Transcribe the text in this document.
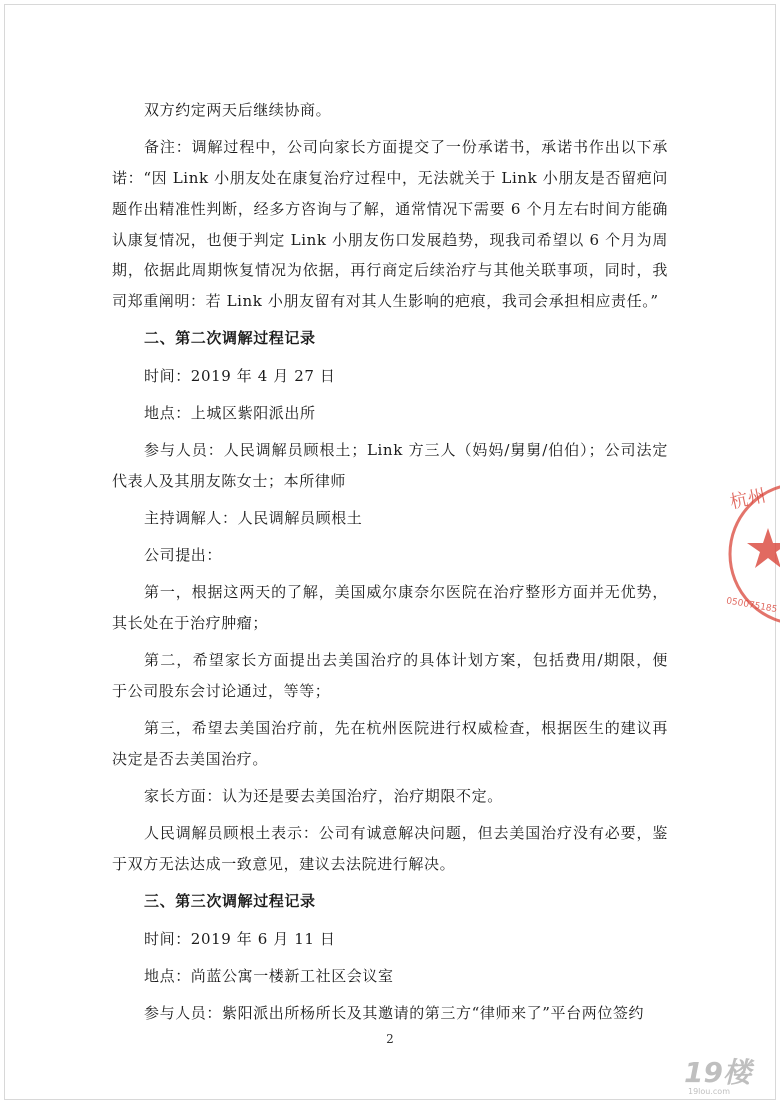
双方约定两天后继续协商。
备注：调解过程中，公司向家长方面提交了一份承诺书，承诺书作出以下承
诺：“因 Link 小朋友处在康复治疗过程中，无法就关于 Link 小朋友是否留疤问
题作出精准性判断，经多方咨询与了解，通常情况下需要 6 个月左右时间方能确
认康复情况，也便于判定 Link 小朋友伤口发展趋势，现我司希望以 6 个月为周
期，依据此周期恢复情况为依据，再行商定后续治疗与其他关联事项，同时，我
司郑重阐明：若 Link 小朋友留有对其人生影响的疤痕，我司会承担相应责任。”
二、第二次调解过程记录
时间：2019 年 4 月 27 日
地点：上城区紫阳派出所
参与人员：人民调解员顾根土；Link 方三人（妈妈/舅舅/伯伯）；公司法定
代表人及其朋友陈女士；本所律师
主持调解人：人民调解员顾根土
公司提出：
第一，根据这两天的了解，美国威尔康奈尔医院在治疗整形方面并无优势，
其长处在于治疗肿瘤；
第二，希望家长方面提出去美国治疗的具体计划方案，包括费用/期限，便
于公司股东会讨论通过，等等；
第三，希望去美国治疗前，先在杭州医院进行权威检查，根据医生的建议再
决定是否去美国治疗。
家长方面：认为还是要去美国治疗，治疗期限不定。
人民调解员顾根土表示：公司有诚意解决问题，但去美国治疗没有必要，鉴
于双方无法达成一致意见，建议去法院进行解决。
三、第三次调解过程记录
时间：2019 年 6 月 11 日
地点：尚蓝公寓一楼新工社区会议室
参与人员：紫阳派出所杨所长及其邀请的第三方“律师来了”平台两位签约
2
杭州
050075185
19楼
19lou.com
